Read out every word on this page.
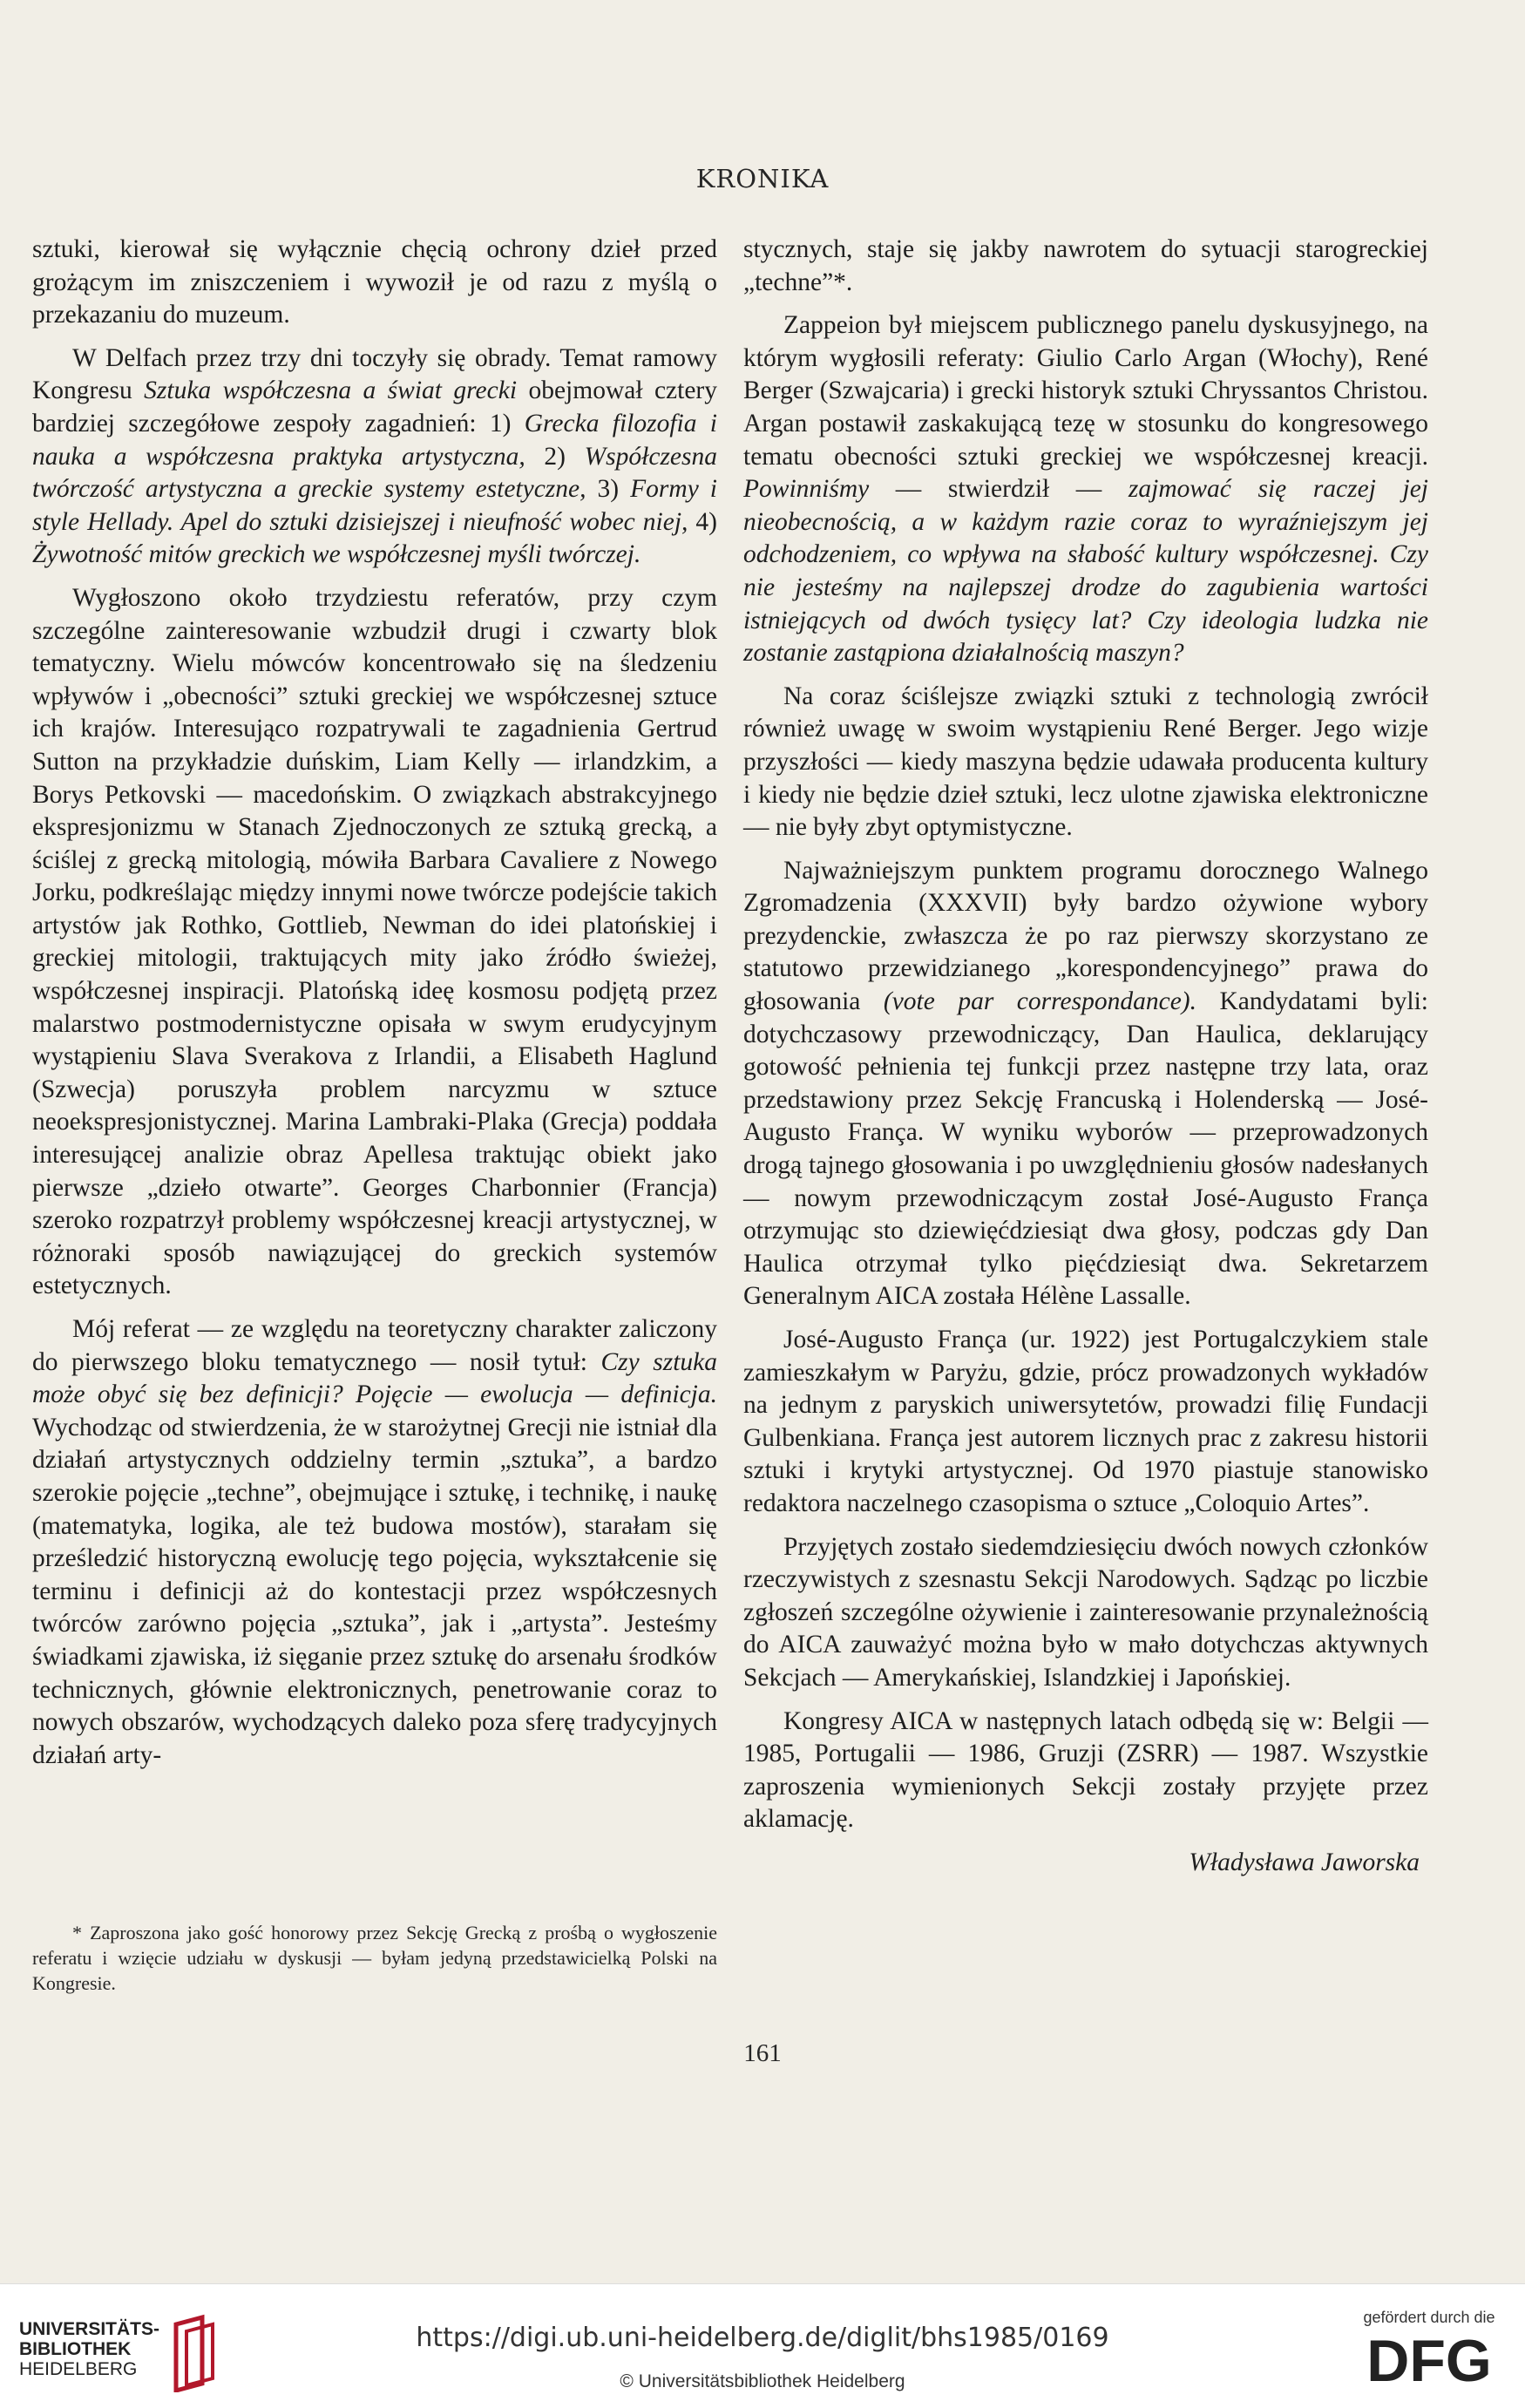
KRONIKA

sztuki, kierował się wyłącznie chęcią ochrony dzieł przed grożącym im zniszczeniem i wywoził je od razu z myślą o przekazaniu do muzeum.

W Delfach przez trzy dni toczyły się obrady. Temat ramowy Kongresu Sztuka współczesna a świat grecki obejmował cztery bardziej szczegółowe zespoły zagadnień: 1) Grecka filozofia i nauka a współczesna praktyka artystyczna, 2) Współczesna twórczość artystyczna a greckie systemy estetyczne, 3) Formy i style Hellady. Apel do sztuki dzisiejszej i nieufność wobec niej, 4) Żywotność mitów greckich we współczesnej myśli twórczej.

Wygłoszono około trzydziestu referatów, przy czym szczególne zainteresowanie wzbudził drugi i czwarty blok tematyczny. Wielu mówców koncentrowało się na śledzeniu wpływów i „obecności” sztuki greckiej we współczesnej sztuce ich krajów. Interesująco rozpatrywali te zagadnienia Gertrud Sutton na przykładzie duńskim, Liam Kelly — irlandzkim, a Borys Petkovski — macedońskim. O związkach abstrakcyjnego ekspresjonizmu w Stanach Zjednoczonych ze sztuką grecką, a ściślej z grecką mitologią, mówiła Barbara Cavaliere z Nowego Jorku, podkreślając między innymi nowe twórcze podejście takich artystów jak Rothko, Gottlieb, Newman do idei platońskiej i greckiej mitologii, traktujących mity jako źródło świeżej, współczesnej inspiracji. Platońską ideę kosmosu podjętą przez malarstwo postmodernistyczne opisała w swym erudycyjnym wystąpieniu Slava Sverakova z Irlandii, a Elisabeth Haglund (Szwecja) poruszyła problem narcyzmu w sztuce neoekspresjonistycznej. Marina Lambraki-Plaka (Grecja) poddała interesującej analizie obraz Apellesa traktując obiekt jako pierwsze „dzieło otwarte”. Georges Charbonnier (Francja) szeroko rozpatrzył problemy współczesnej kreacji artystycznej, w różnoraki sposób nawiązującej do greckich systemów estetycznych.

Mój referat — ze względu na teoretyczny charakter zaliczony do pierwszego bloku tematycznego — nosił tytuł: Czy sztuka może obyć się bez definicji? Pojęcie — ewolucja — definicja. Wychodząc od stwierdzenia, że w starożytnej Grecji nie istniał dla działań artystycznych oddzielny termin „sztuka”, a bardzo szerokie pojęcie „techne”, obejmujące i sztukę, i technikę, i naukę (matematyka, logika, ale też budowa mostów), starałam się prześledzić historyczną ewolucję tego pojęcia, wykształcenie się terminu i definicji aż do kontestacji przez współczesnych twórców zarówno pojęcia „sztuka”, jak i „artysta”. Jesteśmy świadkami zjawiska, iż sięganie przez sztukę do arsenału środków technicznych, głównie elektronicznych, penetrowanie coraz to nowych obszarów, wychodzących daleko poza sferę tradycyjnych działań arty-

stycznych, staje się jakby nawrotem do sytuacji starogreckiej „techne”*.

Zappeion był miejscem publicznego panelu dyskusyjnego, na którym wygłosili referaty: Giulio Carlo Argan (Włochy), René Berger (Szwajcaria) i grecki historyk sztuki Chryssantos Christou. Argan postawił zaskakującą tezę w stosunku do kongresowego tematu obecności sztuki greckiej we współczesnej kreacji. Powinniśmy — stwierdził — zajmować się raczej jej nieobecnością, a w każdym razie coraz to wyraźniejszym jej odchodzeniem, co wpływa na słabość kultury współczesnej. Czy nie jesteśmy na najlepszej drodze do zagubienia wartości istniejących od dwóch tysięcy lat? Czy ideologia ludzka nie zostanie zastąpiona działalnością maszyn?

Na coraz ściślejsze związki sztuki z technologią zwrócił również uwagę w swoim wystąpieniu René Berger. Jego wizje przyszłości — kiedy maszyna będzie udawała producenta kultury i kiedy nie będzie dzieł sztuki, lecz ulotne zjawiska elektroniczne — nie były zbyt optymistyczne.

Najważniejszym punktem programu dorocznego Walnego Zgromadzenia (XXXVII) były bardzo ożywione wybory prezydenckie, zwłaszcza że po raz pierwszy skorzystano ze statutowo przewidzianego „korespondencyjnego” prawa do głosowania (vote par correspondance). Kandydatami byli: dotychczasowy przewodniczący, Dan Haulica, deklarujący gotowość pełnienia tej funkcji przez następne trzy lata, oraz przedstawiony przez Sekcję Francuską i Holenderską — José-Augusto França. W wyniku wyborów — przeprowadzonych drogą tajnego głosowania i po uwzględnieniu głosów nadesłanych — nowym przewodniczącym został José-Augusto França otrzymując sto dziewięćdziesiąt dwa głosy, podczas gdy Dan Haulica otrzymał tylko pięćdziesiąt dwa. Sekretarzem Generalnym AICA została Hélène Lassalle.

José-Augusto França (ur. 1922) jest Portugalczykiem stale zamieszkałym w Paryżu, gdzie, prócz prowadzonych wykładów na jednym z paryskich uniwersytetów, prowadzi filię Fundacji Gulbenkiana. França jest autorem licznych prac z zakresu historii sztuki i krytyki artystycznej. Od 1970 piastuje stanowisko redaktora naczelnego czasopisma o sztuce „Coloquio Artes”.

Przyjętych zostało siedemdziesięciu dwóch nowych członków rzeczywistych z szesnastu Sekcji Narodowych. Sądząc po liczbie zgłoszeń szczególne ożywienie i zainteresowanie przynależnością do AICA zauważyć można było w mało dotychczas aktywnych Sekcjach — Amerykańskiej, Islandzkiej i Japońskiej.

Kongresy AICA w następnych latach odbędą się w: Belgii — 1985, Portugalii — 1986, Gruzji (ZSRR) — 1987. Wszystkie zaproszenia wymienionych Sekcji zostały przyjęte przez aklamację.

Władysława Jaworska
* Zaproszona jako gość honorowy przez Sekcję Grecką z prośbą o wygłoszenie referatu i wzięcie udziału w dyskusji — byłam jedyną przedstawicielką Polski na Kongresie.
161
UNIVERSITÄTS-
BIBLIOTHEK
HEIDELBERG
https://digi.ub.uni-heidelberg.de/diglit/bhs1985/0169
© Universitätsbibliothek Heidelberg
gefördert durch die
DFG
